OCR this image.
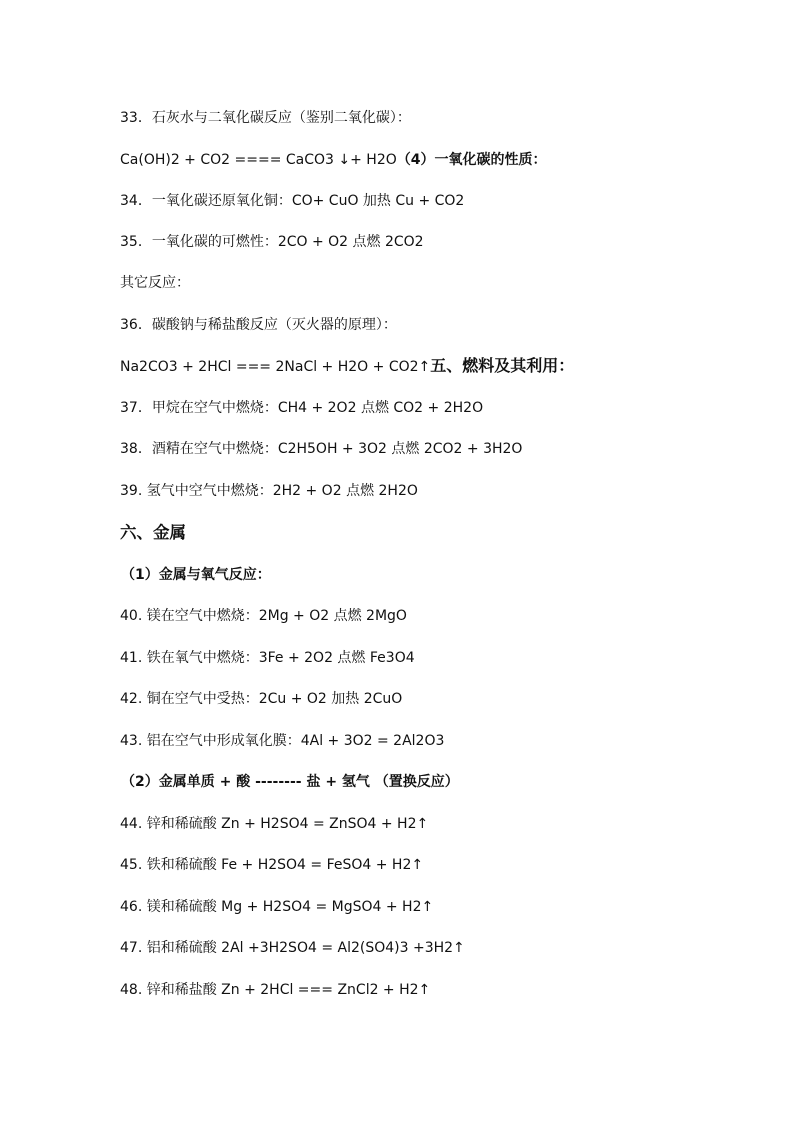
33．石灰水与二氧化碳反应（鉴别二氧化碳）：
Ca(OH)2 + CO2 ==== CaCO3 ↓+ H2O（4）一氧化碳的性质：
34．一氧化碳还原氧化铜：CO+ CuO 加热 Cu + CO2
35．一氧化碳的可燃性：2CO + O2 点燃 2CO2
其它反应：
36．碳酸钠与稀盐酸反应（灭火器的原理）：
Na2CO3 + 2HCl === 2NaCl + H2O + CO2↑五、燃料及其利用：
37．甲烷在空气中燃烧：CH4 + 2O2 点燃 CO2 + 2H2O
38．酒精在空气中燃烧：C2H5OH + 3O2 点燃 2CO2 + 3H2O
39. 氢气中空气中燃烧：2H2 + O2 点燃 2H2O
六、金属
（1）金属与氧气反应：
40. 镁在空气中燃烧：2Mg + O2 点燃 2MgO
41. 铁在氧气中燃烧：3Fe + 2O2 点燃 Fe3O4
42. 铜在空气中受热：2Cu + O2 加热 2CuO
43. 铝在空气中形成氧化膜：4Al + 3O2 = 2Al2O3
（2）金属单质 + 酸 -------- 盐 + 氢气 （置换反应）
44. 锌和稀硫酸 Zn + H2SO4 = ZnSO4 + H2↑
45. 铁和稀硫酸 Fe + H2SO4 = FeSO4 + H2↑
46. 镁和稀硫酸 Mg + H2SO4 = MgSO4 + H2↑
47. 铝和稀硫酸 2Al +3H2SO4 = Al2(SO4)3 +3H2↑
48. 锌和稀盐酸 Zn + 2HCl === ZnCl2 + H2↑
